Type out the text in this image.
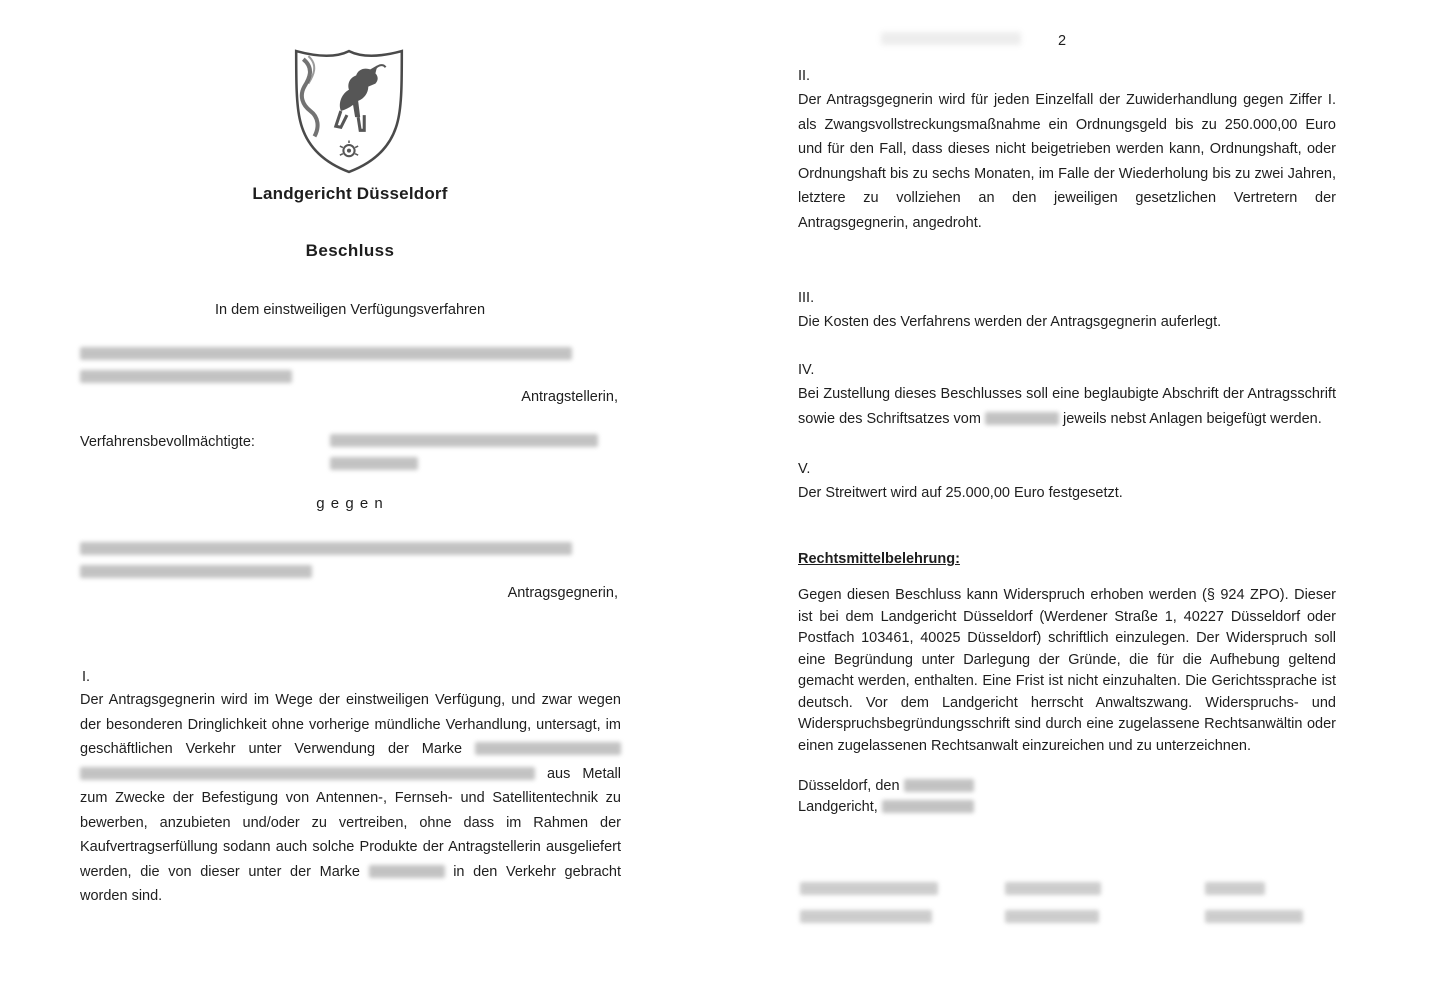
Landgericht Düsseldorf

Beschluss

In dem einstweiligen Verfügungsverfahren

Antragstellerin,

Verfahrensbevollmächtigte:

g e g e n

Antragsgegnerin,

I.

Der Antragsgegnerin wird im Wege der einstweiligen Verfügung, und zwar wegen der besonderen Dringlichkeit ohne vorherige mündliche Verhandlung, untersagt, im geschäftlichen Verkehr unter Verwendung der Marke   aus Metall zum Zwecke der Befestigung von Antennen-, Fernseh- und Satellitentechnik zu bewerben, anzubieten und/oder zu vertreiben, ohne dass im Rahmen der Kaufvertragserfüllung sodann auch solche Produkte der Antragstellerin ausgeliefert werden, die von dieser unter der Marke	in den Verkehr gebracht worden sind.

2

II.

Der Antragsgegnerin wird für jeden Einzelfall der Zuwiderhandlung gegen Ziffer I. als Zwangsvollstreckungsmaßnahme ein Ordnungsgeld bis zu 250.000,00 Euro und für den Fall, dass dieses nicht beigetrieben werden kann, Ordnungshaft, oder Ordnungshaft bis zu sechs Monaten, im Falle der Wiederholung bis zu zwei Jahren, letztere zu vollziehen an den jeweiligen gesetzlichen Vertretern der Antragsgegnerin, angedroht.

III.

Die Kosten des Verfahrens werden der Antragsgegnerin auferlegt.

IV.

Bei Zustellung dieses Beschlusses soll eine beglaubigte Abschrift der Antragsschrift sowie des Schriftsatzes vom	jeweils nebst Anlagen beigefügt werden.

V.

Der Streitwert wird auf 25.000,00 Euro festgesetzt.

Rechtsmittelbelehrung:

Gegen diesen Beschluss kann Widerspruch erhoben werden (§ 924 ZPO). Dieser ist bei dem Landgericht Düsseldorf (Werdener Straße 1, 40227 Düsseldorf oder Postfach 103461, 40025 Düsseldorf) schriftlich einzulegen. Der Widerspruch soll eine Begründung unter Darlegung der Gründe, die für die Aufhebung geltend gemacht werden, enthalten. Eine Frist ist nicht einzuhalten. Die Gerichtssprache ist deutsch. Vor dem Landgericht herrscht Anwaltszwang. Widerspruchs- und Widerspruchsbegründungsschrift sind durch eine zugelassene Rechtsanwältin oder einen zugelassenen Rechtsanwalt einzureichen und zu unterzeichnen.

Düsseldorf, den

Landgericht,
